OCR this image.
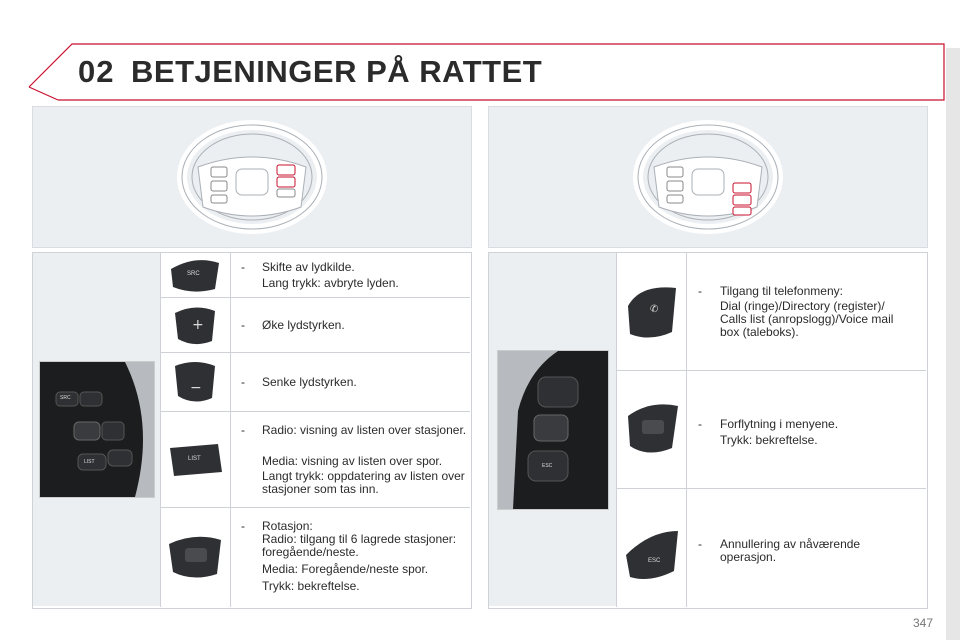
02 BETJENINGER PÅ RATTET
SRC
LIST
SRC
+
−
LIST
- Skifte av lydkilde.
Lang trykk: avbryte lyden.
- Øke lydstyrken.
- Senke lydstyrken.
- Radio: visning av listen over stasjoner.
Media: visning av listen over spor.
Langt trykk: oppdatering av listen over stasjoner som tas inn.
- Rotasjon:
Radio: tilgang til 6 lagrede stasjoner: foregående/neste.
Media: Foregående/neste spor.
Trykk: bekreftelse.
ESC
✆
ESC
- Tilgang til telefonmeny:
Dial (ringe)/Directory (register)/ Calls list (anropslogg)/Voice mail box (taleboks).
- Forflytning i menyene.
Trykk: bekreftelse.
- Annullering av nåværende operasjon.
347
